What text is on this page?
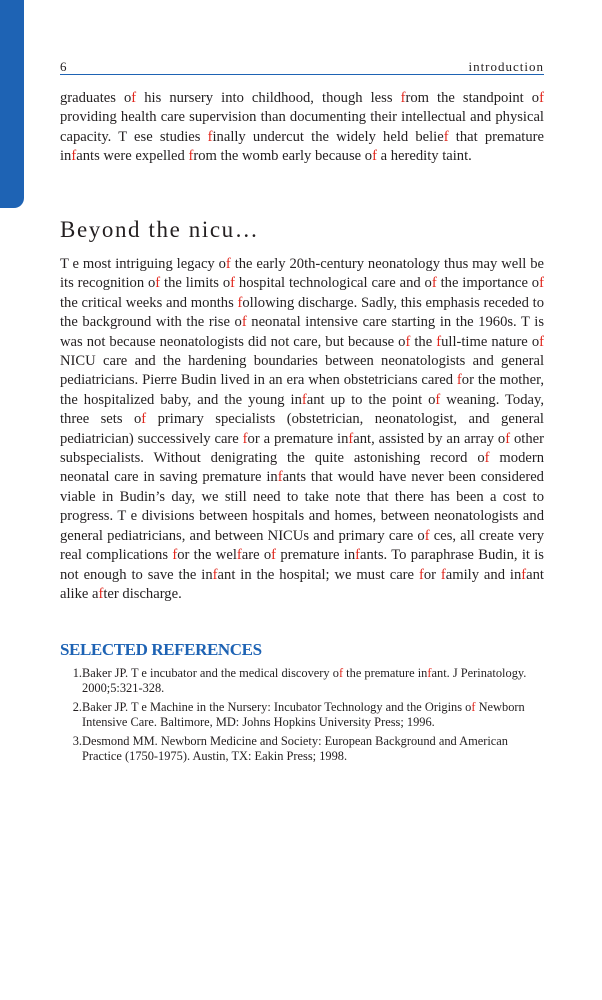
6	introduction

graduates of his nursery into childhood, though less from the standpoint of providing health care supervision than documenting their intellectual and physical capacity. T ese studies finally undercut the widely held belief that premature infants were expelled from the womb early because of a heredity taint.

Beyond the nicu…

T e most intriguing legacy of the early 20th-century neonatology thus may well be its recognition of the limits of hospital technological care and of the importance of the critical weeks and months following discharge. Sadly, this emphasis receded to the background with the rise of neonatal intensive care starting in the 1960s. T is was not because neonatologists did not care, but because of the full-time nature of NICU care and the hardening boundaries between neonatologists and general pediatricians. Pierre Budin lived in an era when obstetricians cared for the mother, the hospitalized baby, and the young infant up to the point of weaning. Today, three sets of primary specialists (obstetrician, neonatologist, and general pediatrician) successively care for a premature infant, assisted by an array of other subspecialists. Without denigrating the quite astonishing record of modern neonatal care in saving premature infants that would have never been considered viable in Budin’s day, we still need to take note that there has been a cost to progress. T e divisions between hospitals and homes, between neonatologists and general pediatricians, and between NICUs and primary care of ces, all create very real complications for the welfare of premature infants. To paraphrase Budin, it is not enough to save the infant in the hospital; we must care for family and infant alike after discharge.

SELECTED REFERENCES
1. Baker JP. T e incubator and the medical discovery of the premature infant. J Perinatology. 2000;5:321-328.
2. Baker JP. T e Machine in the Nursery: Incubator Technology and the Origins of Newborn Intensive Care. Baltimore, MD: Johns Hopkins University Press; 1996.
3. Desmond MM. Newborn Medicine and Society: European Background and American Practice (1750-1975). Austin, TX: Eakin Press; 1998.
